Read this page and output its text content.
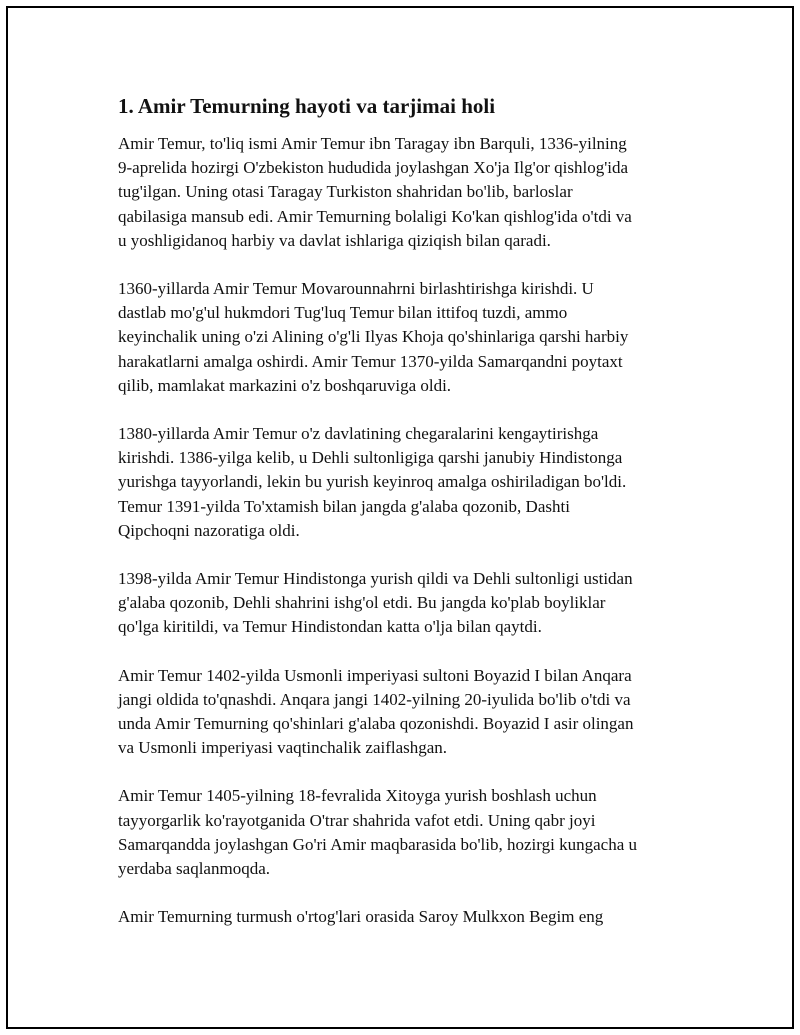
1. Amir Temurning hayoti va tarjimai holi

Amir Temur, to'liq ismi Amir Temur ibn Taragay ibn Barquli, 1336-yilning
9-aprelida hozirgi O'zbekiston hududida joylashgan Xo'ja Ilg'or qishlog'ida
tug'ilgan. Uning otasi Taragay Turkiston shahridan bo'lib, barloslar
qabilasiga mansub edi. Amir Temurning bolaligi Ko'kan qishlog'ida o'tdi va
u yoshligidanoq harbiy va davlat ishlariga qiziqish bilan qaradi.

1360-yillarda Amir Temur Movarounnahrni birlashtirishga kirishdi. U
dastlab mo'g'ul hukmdori Tug'luq Temur bilan ittifoq tuzdi, ammo
keyinchalik uning o'zi Alining o'g'li Ilyas Khoja qo'shinlariga qarshi harbiy
harakatlarni amalga oshirdi. Amir Temur 1370-yilda Samarqandni poytaxt
qilib, mamlakat markazini o'z boshqaruviga oldi.

1380-yillarda Amir Temur o'z davlatining chegaralarini kengaytirishga
kirishdi. 1386-yilga kelib, u Dehli sultonligiga qarshi janubiy Hindistonga
yurishga tayyorlandi, lekin bu yurish keyinroq amalga oshiriladigan bo'ldi.
Temur 1391-yilda To'xtamish bilan jangda g'alaba qozonib, Dashti
Qipchoqni nazoratiga oldi.

1398-yilda Amir Temur Hindistonga yurish qildi va Dehli sultonligi ustidan
g'alaba qozonib, Dehli shahrini ishg'ol etdi. Bu jangda ko'plab boyliklar
qo'lga kiritildi, va Temur Hindistondan katta o'lja bilan qaytdi.

Amir Temur 1402-yilda Usmonli imperiyasi sultoni Boyazid I bilan Anqara
jangi oldida to'qnashdi. Anqara jangi 1402-yilning 20-iyulida bo'lib o'tdi va
unda Amir Temurning qo'shinlari g'alaba qozonishdi. Boyazid I asir olingan
va Usmonli imperiyasi vaqtinchalik zaiflashgan.

Amir Temur 1405-yilning 18-fevralida Xitoyga yurish boshlash uchun
tayyorgarlik ko'rayotganida O'trar shahrida vafot etdi. Uning qabr joyi
Samarqandda joylashgan Go'ri Amir maqbarasida bo'lib, hozirgi kungacha u
yerdaba saqlanmoqda.

Amir Temurning turmush o'rtog'lari orasida Saroy Mulkxon Begim eng
